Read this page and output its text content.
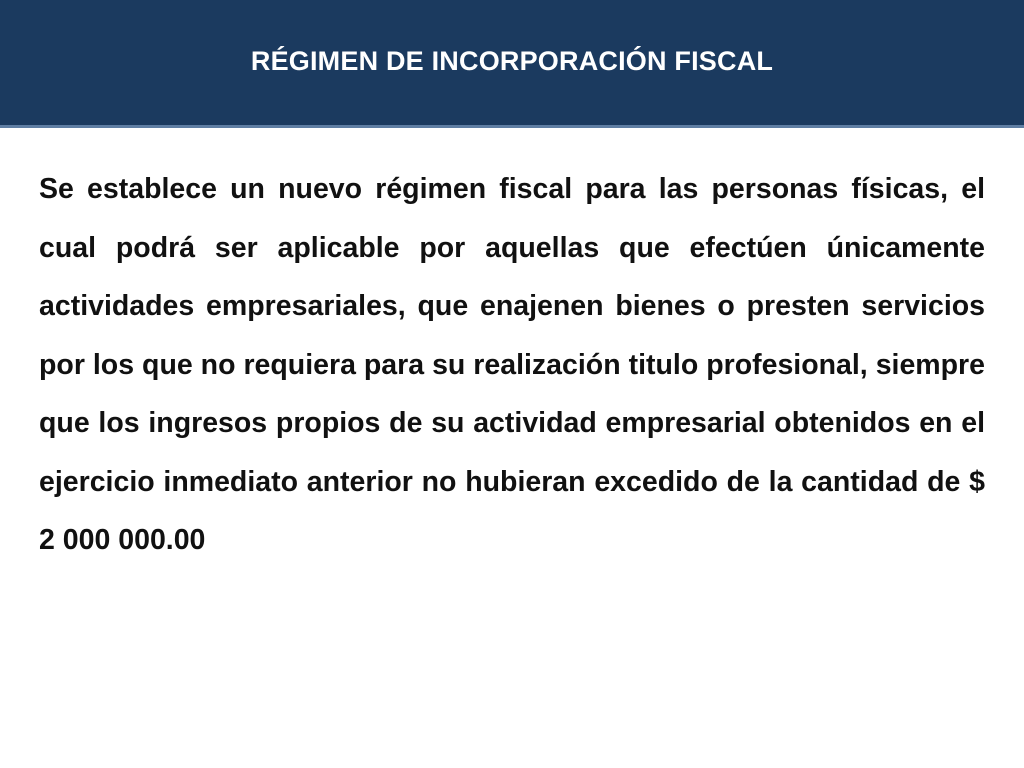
RÉGIMEN DE INCORPORACIÓN FISCAL

Se establece un nuevo régimen fiscal para las personas físicas, el cual podrá ser aplicable por aquellas que efectúen únicamente actividades empresariales, que enajenen bienes o presten servicios por los que no requiera para su realización titulo profesional, siempre que los ingresos propios de su actividad empresarial obtenidos en el ejercicio inmediato anterior no hubieran excedido de la cantidad de $ 2 000 000.00
